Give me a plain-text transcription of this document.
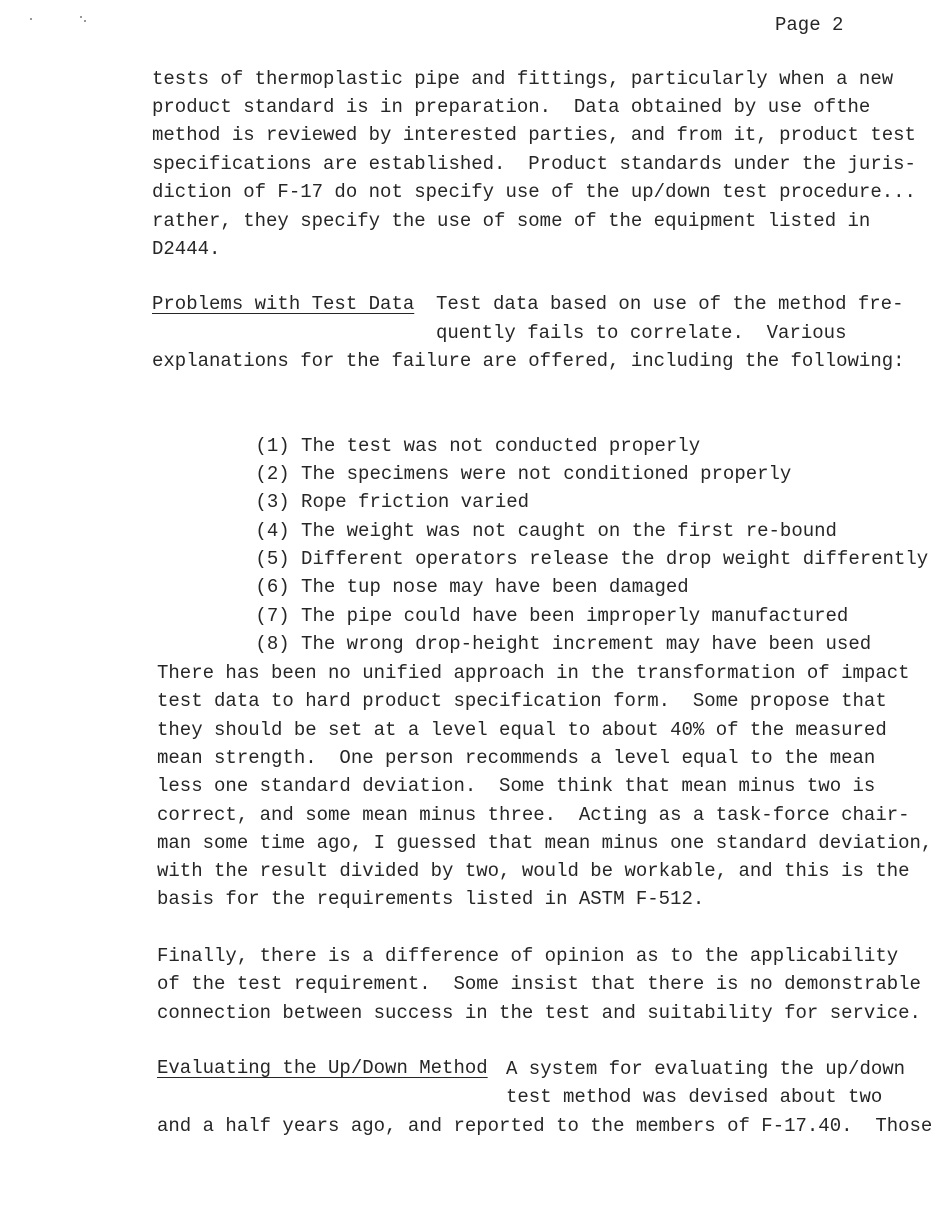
Page 2
tests of thermoplastic pipe and fittings, particularly when a new
product standard is in preparation.  Data obtained by use ofthe
method is reviewed by interested parties, and from it, product test
specifications are established.  Product standards under the juris-
diction of F-17 do not specify use of the up/down test procedure...
rather, they specify the use of some of the equipment listed in
D2444.
Problems with Test Data Test data based on use of the method fre-
quently fails to correlate.  Various
explanations for the failure are offered, including the following:

(1) The test was not conducted properly

(2) The specimens were not conditioned properly

(3) Rope friction varied

(4) The weight was not caught on the first re-bound

(5) Different operators release the drop weight differently

(6) The tup nose may have been damaged

(7) The pipe could have been improperly manufactured

(8) The wrong drop-height increment may have been used

There has been no unified approach in the transformation of impact
test data to hard product specification form.  Some propose that
they should be set at a level equal to about 40% of the measured
mean strength.  One person recommends a level equal to the mean
less one standard deviation.  Some think that mean minus two is
correct, and some mean minus three.  Acting as a task-force chair-
man some time ago, I guessed that mean minus one standard deviation,
with the result divided by two, would be workable, and this is the
basis for the requirements listed in ASTM F-512.
Finally, there is a difference of opinion as to the applicability
of the test requirement.  Some insist that there is no demonstrable
connection between success in the test and suitability for service.
Evaluating the Up/Down Method A system for evaluating the up/down
test method was devised about two
and a half years ago, and reported to the members of F-17.40.  Those
